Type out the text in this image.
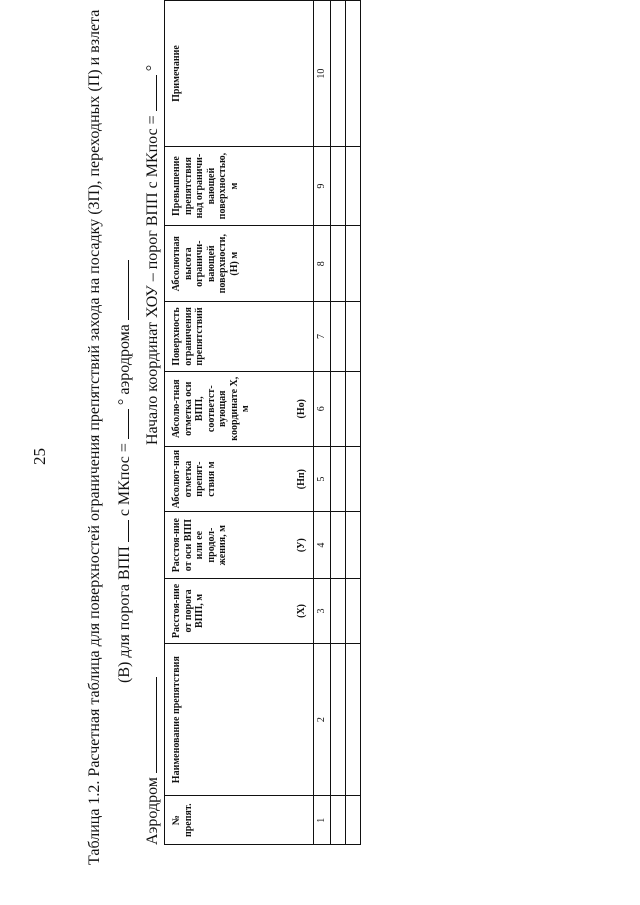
25 Таблица 1.2. Расчетная таблица для поверхностей ограничения препятствий захода на посадку (ЗП), переходных (П) и взлета (В) для порога ВПП  с МКпос =  ° аэродрома
Аэродром
Начало координат ХОУ – порог ВПП с МКпос =  °
№ препят.	Наименование препятствия	Расстоя-ние от порога ВПП, м (X)	Расстоя-ние от оси ВПП или ее продол-жения, м (У)	Абсолют-ная отметка препят-ствия м (Нп)	Абсолю-тная отметка оси ВПП, соответст-вующая координате Х, м (Но)	Поверхность ограничения препятствий	Абсолютная высота ограничи-вающей поверхности, (Н) м	Превышение препятствия над ограничи-вающей поверхностью, м	Примечание

1	2	3	4	5	6	7	8	9	10
